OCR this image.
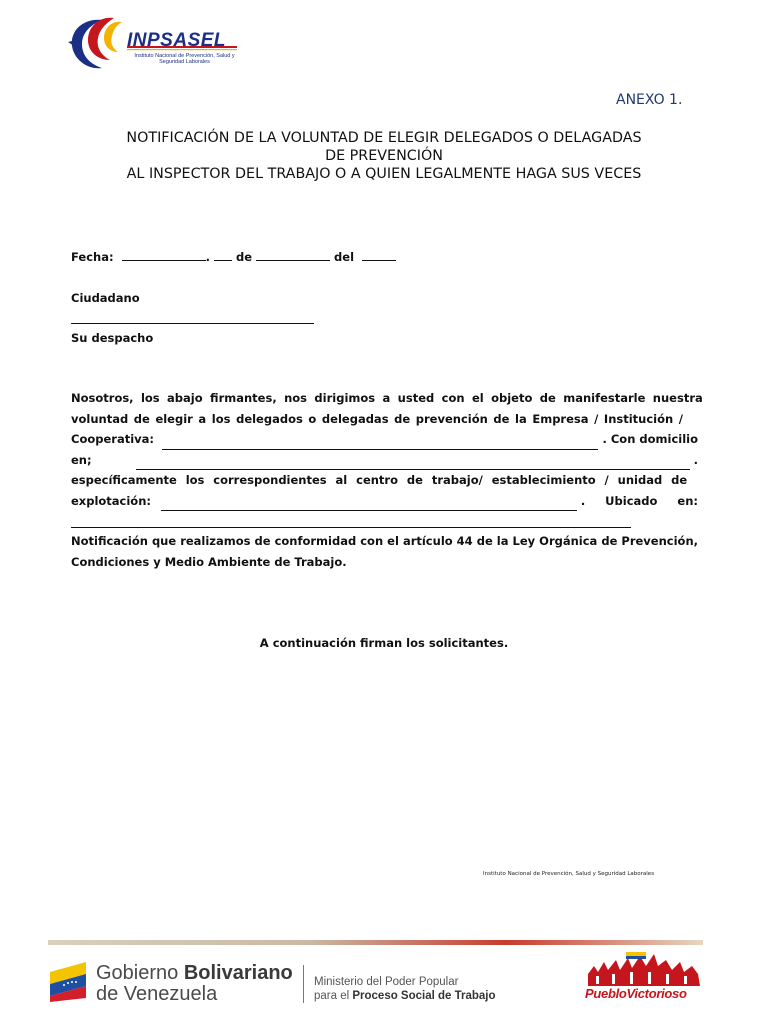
INPSASEL
Instituto Nacional de Prevención, Salud y Seguridad Laborales
ANEXO 1.
NOTIFICACIÓN DE LA VOLUNTAD DE ELEGIR DELEGADOS O DELAGADAS
DE PREVENCIÓN
AL INSPECTOR DEL TRABAJO O A QUIEN LEGALMENTE HAGA SUS VECES
Fecha:	.  de	del
Ciudadano
Su despacho
Nosotros, los abajo firmantes, nos dirigimos a usted con el objeto de manifestarle nuestra
voluntad de elegir a los delegados o delegadas de prevención de la Empresa / Institución /
Cooperativa:	. Con domicilio
en;	.
específicamente los correspondientes al centro de trabajo/ establecimiento / unidad de
explotación:	. Ubicado en:
Notificación que realizamos de conformidad con el artículo 44 de la Ley Orgánica de Prevención, Condiciones y Medio Ambiente de Trabajo.
A continuación firman los solicitantes.
Instituto Nacional de Prevención, Salud y Seguridad Laborales
Gobierno Bolivariano
de Venezuela
Ministerio del Poder Popular
para el Proceso Social de Trabajo	PuebloVictorioso
